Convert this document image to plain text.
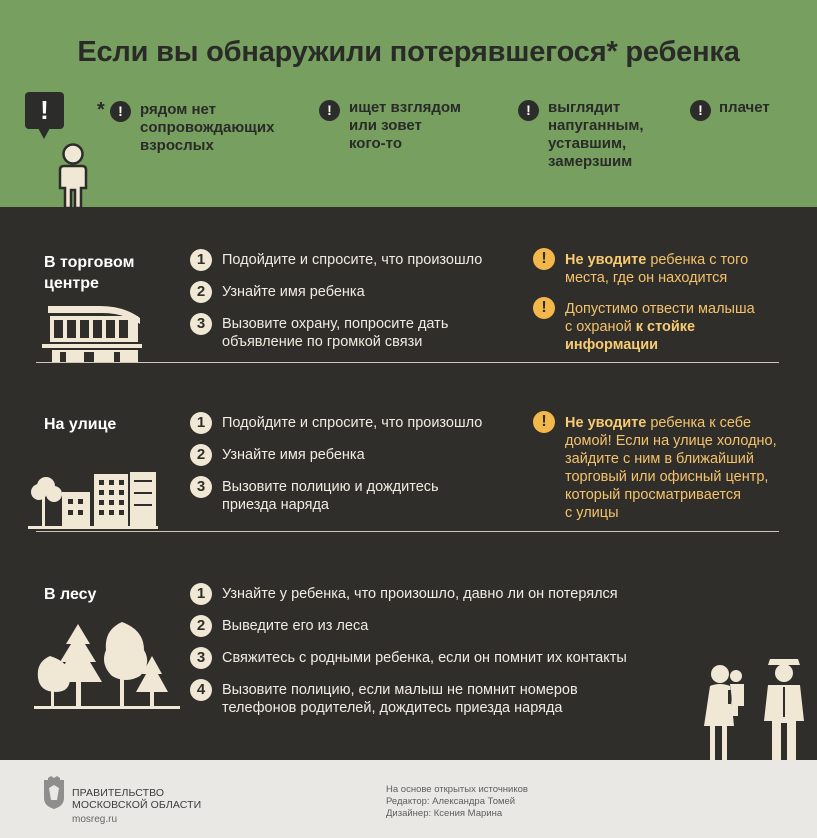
Если вы обнаружили потерявшегося* ребенка
!	* !	рядом нет
сопровождающих
взрослых
!	ищет взглядом
или зовет
кого-то
!	выглядит
напуганным,
уставшим,
замерзшим
!	плачет
В торговом
центре
1	Подойдите и спросите, что произошло
2	Узнайте имя ребенка
3	Вызовите охрану, попросите дать
объявление по громкой связи
!	Не уводите ребенка с того
места, где он находится
!	Допустимо отвести малыша
с охраной к стойке
информации
На улице	1	Подойдите и спросите, что произошло
2	Узнайте имя ребенка
3	Вызовите полицию и дождитесь
приезда наряда
!	Не уводите ребенка к себе
домой! Если на улице холодно,
зайдите с ним в ближайший
торговый или офисный центр,
который просматривается
с улицы
В лесу	1	Узнайте у ребенка, что произошло, давно ли он потерялся
2	Выведите его из леса
3	Свяжитесь с родными ребенка, если он помнит их контакты
4	Вызовите полицию, если малыш не помнит номеров
телефонов родителей, дождитесь приезда наряда
ПРАВИТЕЛЬСТВО
МОСКОВСКОЙ ОБЛАСТИ
mosreg.ru
На основе открытых источников
Редактор: Александра Томей
Дизайнер: Ксения Марина
